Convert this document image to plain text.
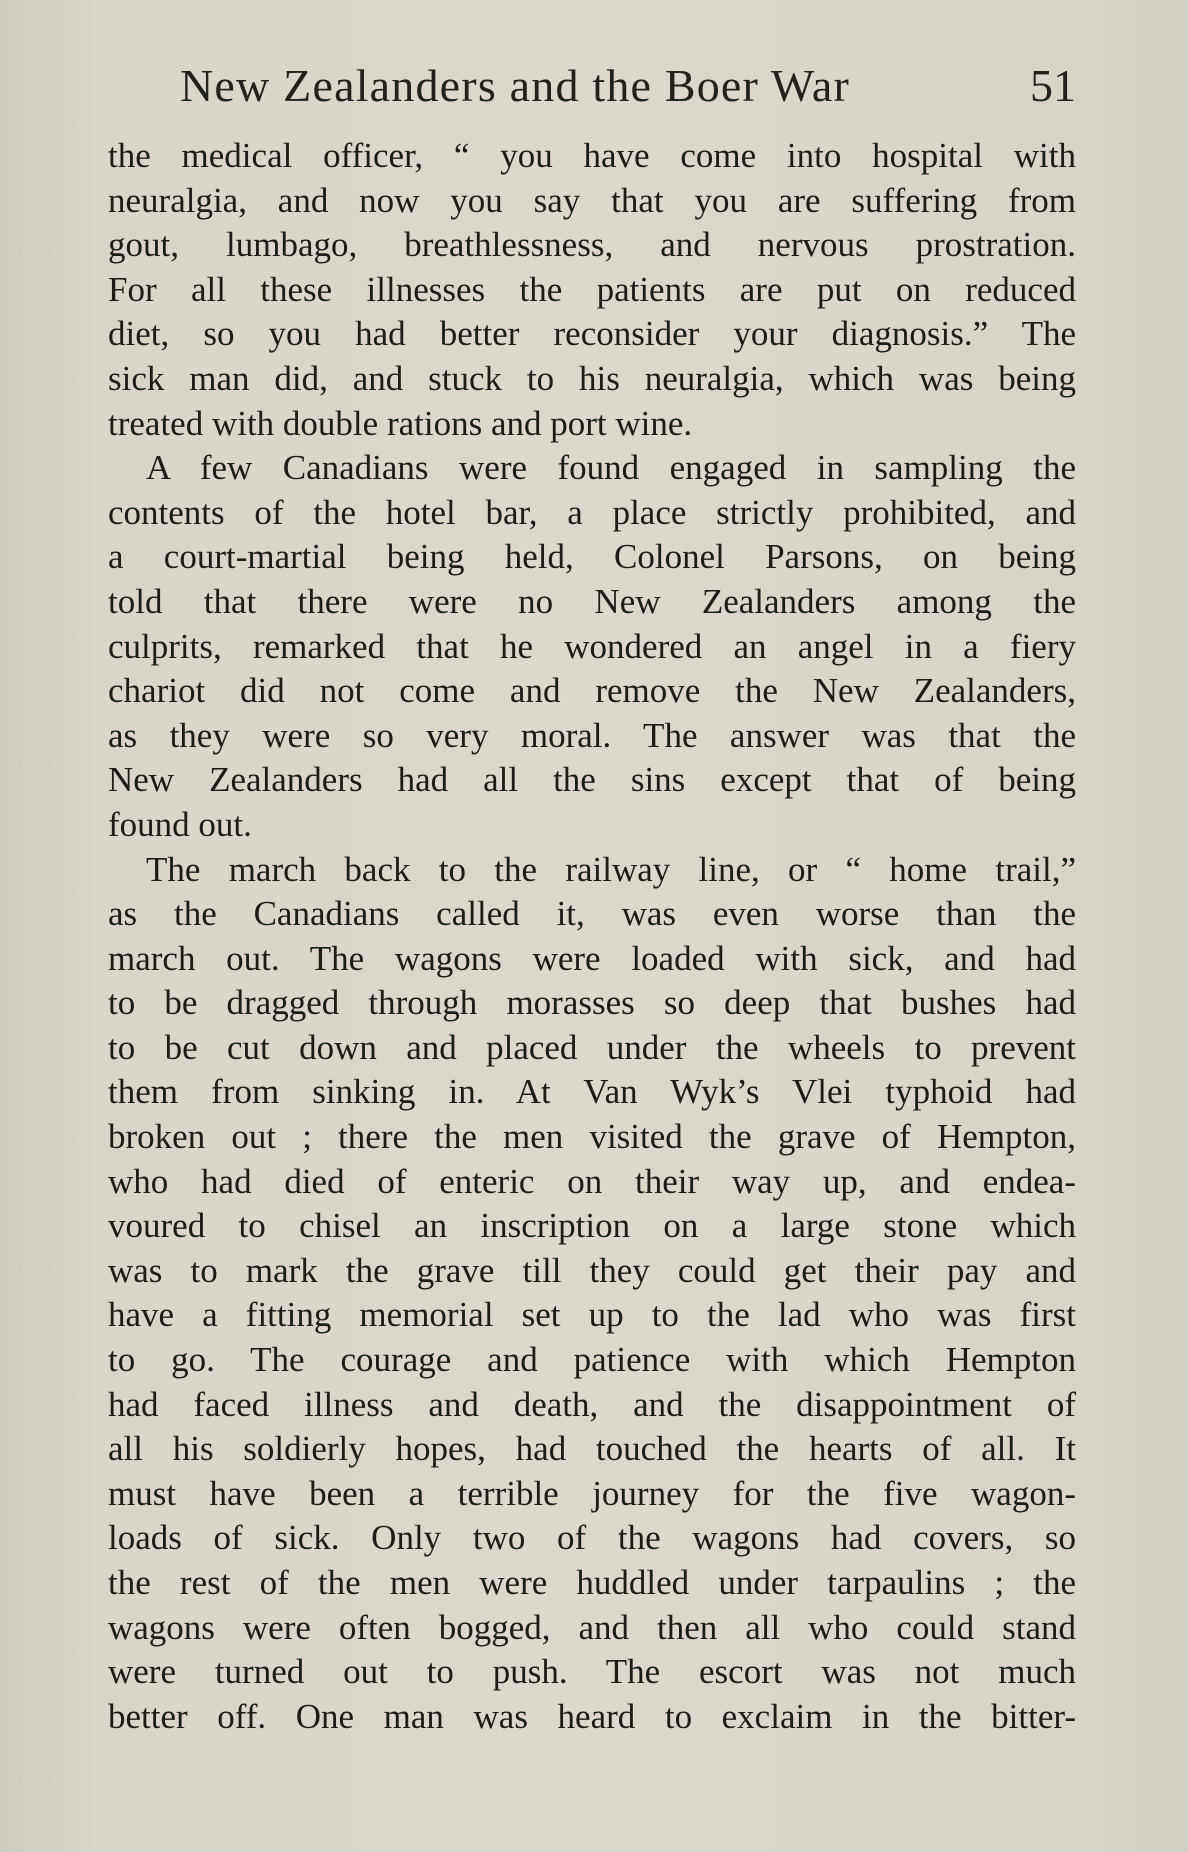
New Zealanders and the Boer War	51
the medical officer, “ you have come into hospital with
neuralgia, and now you say that you are suffering from
gout, lumbago, breathlessness, and nervous prostration.
For all these illnesses the patients are put on reduced
diet, so you had better reconsider your diagnosis.” The
sick man did, and stuck to his neuralgia, which was being
treated with double rations and port wine.
A few Canadians were found engaged in sampling the
contents of the hotel bar, a place strictly prohibited, and
a court-martial being held, Colonel Parsons, on being
told that there were no New Zealanders among the
culprits, remarked that he wondered an angel in a fiery
chariot did not come and remove the New Zealanders,
as they were so very moral. The answer was that the
New Zealanders had all the sins except that of being
found out.
The march back to the railway line, or “ home trail,”
as the Canadians called it, was even worse than the
march out. The wagons were loaded with sick, and had
to be dragged through morasses so deep that bushes had
to be cut down and placed under the wheels to prevent
them from sinking in. At Van Wyk’s Vlei typhoid had
broken out ; there the men visited the grave of Hempton,
who had died of enteric on their way up, and endea-
voured to chisel an inscription on a large stone which
was to mark the grave till they could get their pay and
have a fitting memorial set up to the lad who was first
to go. The courage and patience with which Hempton
had faced illness and death, and the disappointment of
all his soldierly hopes, had touched the hearts of all. It
must have been a terrible journey for the five wagon-
loads of sick. Only two of the wagons had covers, so
the rest of the men were huddled under tarpaulins ; the
wagons were often bogged, and then all who could stand
were turned out to push. The escort was not much
better off. One man was heard to exclaim in the bitter-
